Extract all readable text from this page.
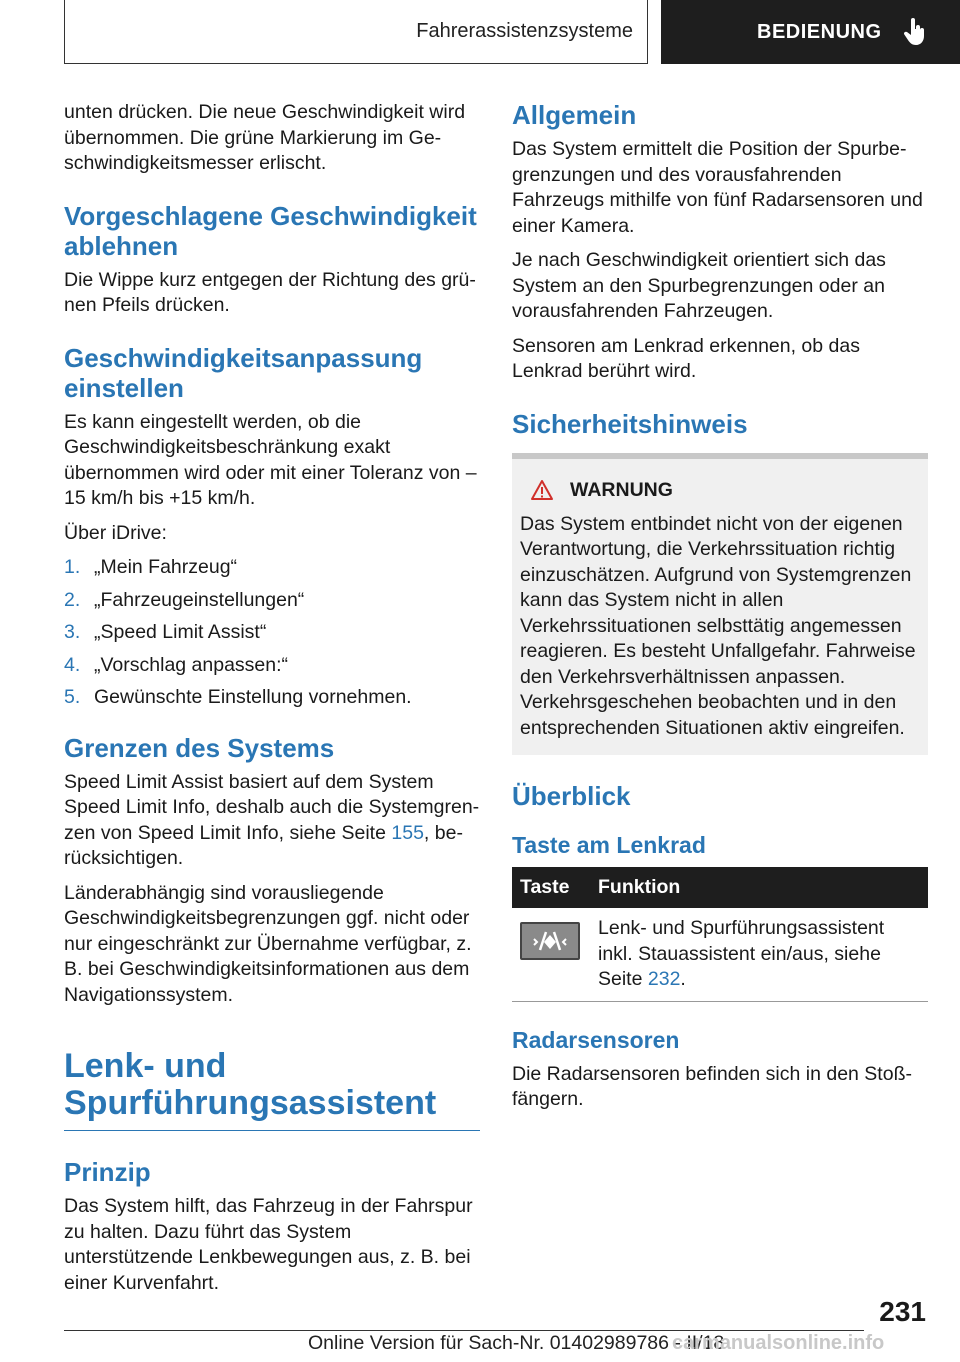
Fahrerassistenzsysteme	BEDIENUNG

unten drücken. Die neue Geschwindigkeit wird übernommen. Die grüne Markierung im Geschwindigkeitsmesser erlischt.

Vorgeschlagene Geschwindigkeit ablehnen

Die Wippe kurz entgegen der Richtung des grünen Pfeils drücken.

Geschwindigkeitsanpassung einstellen

Es kann eingestellt werden, ob die Geschwindigkeitsbeschränkung exakt übernommen wird oder mit einer Toleranz von –15 km/h bis +15 km/h.

Über iDrive:

1. „Mein Fahrzeug“
2. „Fahrzeugeinstellungen“
3. „Speed Limit Assist“
4. „Vorschlag anpassen:“
5. Gewünschte Einstellung vornehmen.
Grenzen des Systems

Speed Limit Assist basiert auf dem System Speed Limit Info, deshalb auch die Systemgrenzen von Speed Limit Info, siehe Seite 155, berücksichtigen.

Länderabhängig sind vorausliegende Geschwindigkeitsbegrenzungen ggf. nicht oder nur eingeschränkt zur Übernahme verfügbar, z. B. bei Geschwindigkeitsinformationen aus dem Navigationssystem.

Lenk- und Spurführungsassistent
Prinzip

Das System hilft, das Fahrzeug in der Fahrspur zu halten. Dazu führt das System unterstützende Lenkbewegungen aus, z. B. bei einer Kurvenfahrt.

Allgemein

Das System ermittelt die Position der Spurbegrenzungen und des vorausfahrenden Fahrzeugs mithilfe von fünf Radarsensoren und einer Kamera.

Je nach Geschwindigkeit orientiert sich das System an den Spurbegrenzungen oder an vorausfahrenden Fahrzeugen.

Sensoren am Lenkrad erkennen, ob das Lenkrad berührt wird.

Sicherheitshinweis
WARNUNG

Das System entbindet nicht von der eigenen Verantwortung, die Verkehrssituation richtig einzuschätzen. Aufgrund von Systemgrenzen kann das System nicht in allen Verkehrssituationen selbsttätig angemessen reagieren. Es besteht Unfallgefahr. Fahrweise den Verkehrsverhältnissen anpassen. Verkehrsgeschehen beobachten und in den entsprechenden Situationen aktiv eingreifen.

Überblick
Taste am Lenkrad
Taste	Funktion

	Lenk- und Spurführungsassistent inkl. Stauassistent ein/aus, siehe Seite 232.
Radarsensoren

Die Radarsensoren befinden sich in den Stoßfängern.

231
Online Version für Sach-Nr. 01402989786 - II/18
carmanualsonline.info
